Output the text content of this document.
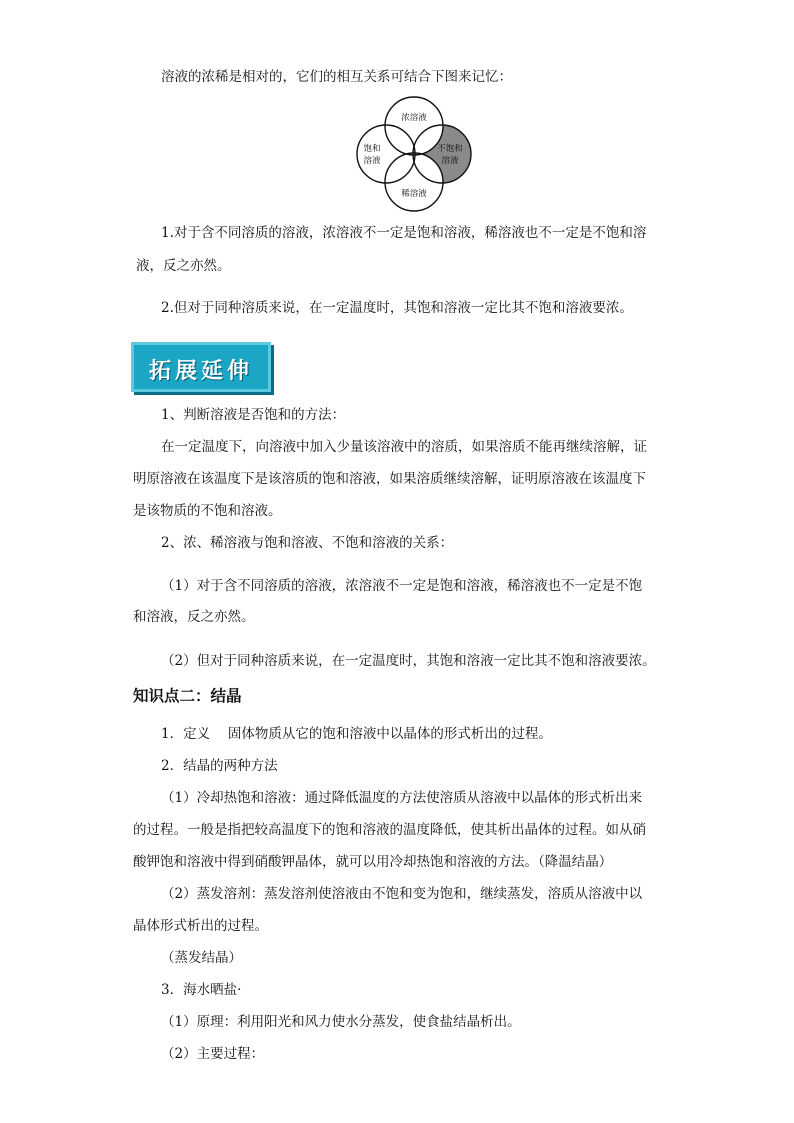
溶液的浓稀是相对的，它们的相互关系可结合下图来记忆：
浓溶液
饱和
溶液
不饱和
溶液
稀溶液
1.对于含不同溶质的溶液，浓溶液不一定是饱和溶液，稀溶液也不一定是不饱和溶
液，反之亦然。
2.但对于同种溶质来说，在一定温度时，其饱和溶液一定比其不饱和溶液要浓。
拓展延伸
1、判断溶液是否饱和的方法：
在一定温度下，向溶液中加入少量该溶液中的溶质，如果溶质不能再继续溶解，证
明原溶液在该温度下是该溶质的饱和溶液，如果溶质继续溶解，证明原溶液在该温度下
是该物质的不饱和溶液。
2、浓、稀溶液与饱和溶液、不饱和溶液的关系：
（1）对于含不同溶质的溶液，浓溶液不一定是饱和溶液，稀溶液也不一定是不饱
和溶液，反之亦然。
（2）但对于同种溶质来说，在一定温度时，其饱和溶液一定比其不饱和溶液要浓。
知识点二：结晶
1．定义　 固体物质从它的饱和溶液中以晶体的形式析出的过程。
2．结晶的两种方法
（1）冷却热饱和溶液：通过降低温度的方法使溶质从溶液中以晶体的形式析出来
的过程。一般是指把较高温度下的饱和溶液的温度降低，使其析出晶体的过程。如从硝
酸钾饱和溶液中得到硝酸钾晶体，就可以用冷却热饱和溶液的方法。（降温结晶）
（2）蒸发溶剂：蒸发溶剂使溶液由不饱和变为饱和，继续蒸发，溶质从溶液中以
晶体形式析出的过程。
（蒸发结晶）
3．海水晒盐·
（1）原理：利用阳光和风力使水分蒸发，使食盐结晶析出。
（2）主要过程：
